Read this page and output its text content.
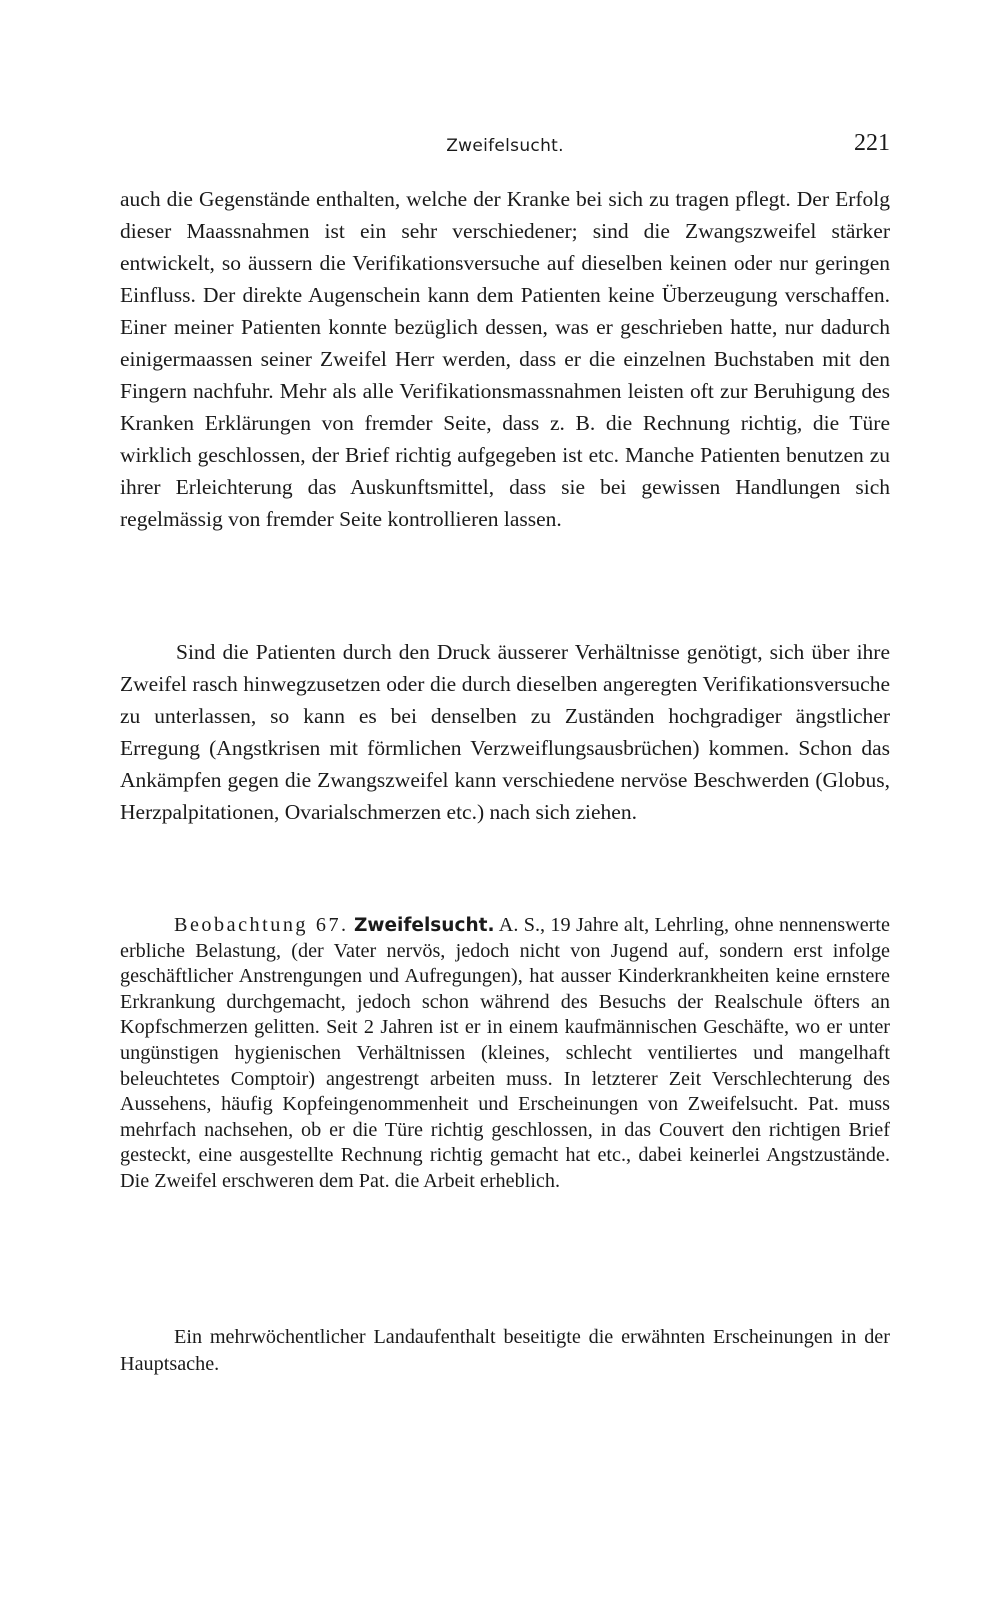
Zweifelsucht.	221

auch die Gegenstände enthalten, welche der Kranke bei sich zu tragen pflegt. Der Erfolg dieser Maassnahmen ist ein sehr verschiedener; sind die Zwangszweifel stärker entwickelt, so äussern die Verifikationsversuche auf dieselben keinen oder nur geringen Einfluss. Der direkte Augenschein kann dem Patienten keine Überzeugung verschaffen. Einer meiner Patienten konnte bezüglich dessen, was er geschrieben hatte, nur dadurch einigermaassen seiner Zweifel Herr werden, dass er die einzelnen Buchstaben mit den Fingern nachfuhr. Mehr als alle Verifikationsmassnahmen leisten oft zur Beruhigung des Kranken Erklärungen von fremder Seite, dass z. B. die Rechnung richtig, die Türe wirklich geschlossen, der Brief richtig aufgegeben ist etc. Manche Patienten benutzen zu ihrer Erleichterung das Auskunftsmittel, dass sie bei gewissen Handlungen sich regelmässig von fremder Seite kontrollieren lassen.

Sind die Patienten durch den Druck äusserer Verhältnisse genötigt, sich über ihre Zweifel rasch hinwegzusetzen oder die durch dieselben angeregten Verifikationsversuche zu unterlassen, so kann es bei denselben zu Zuständen hochgradiger ängstlicher Erregung (Angstkrisen mit förmlichen Verzweiflungsausbrüchen) kommen. Schon das Ankämpfen gegen die Zwangszweifel kann verschiedene nervöse Beschwerden (Globus, Herzpalpitationen, Ovarialschmerzen etc.) nach sich ziehen.

Beobachtung 67. Zweifelsucht. A. S., 19 Jahre alt, Lehrling, ohne nennenswerte erbliche Belastung, (der Vater nervös, jedoch nicht von Jugend auf, sondern erst infolge geschäftlicher Anstrengungen und Aufregungen), hat ausser Kinderkrankheiten keine ernstere Erkrankung durchgemacht, jedoch schon während des Besuchs der Realschule öfters an Kopfschmerzen gelitten. Seit 2 Jahren ist er in einem kaufmännischen Geschäfte, wo er unter ungünstigen hygienischen Verhältnissen (kleines, schlecht ventiliertes und mangelhaft beleuchtetes Comptoir) angestrengt arbeiten muss. In letzterer Zeit Verschlechterung des Aussehens, häufig Kopfeingenommenheit und Erscheinungen von Zweifelsucht. Pat. muss mehrfach nachsehen, ob er die Türe richtig geschlossen, in das Couvert den richtigen Brief gesteckt, eine ausgestellte Rechnung richtig gemacht hat etc., dabei keinerlei Angstzustände. Die Zweifel erschweren dem Pat. die Arbeit erheblich.

Ein mehrwöchentlicher Landaufenthalt beseitigte die erwähnten Erscheinungen in der Hauptsache.
